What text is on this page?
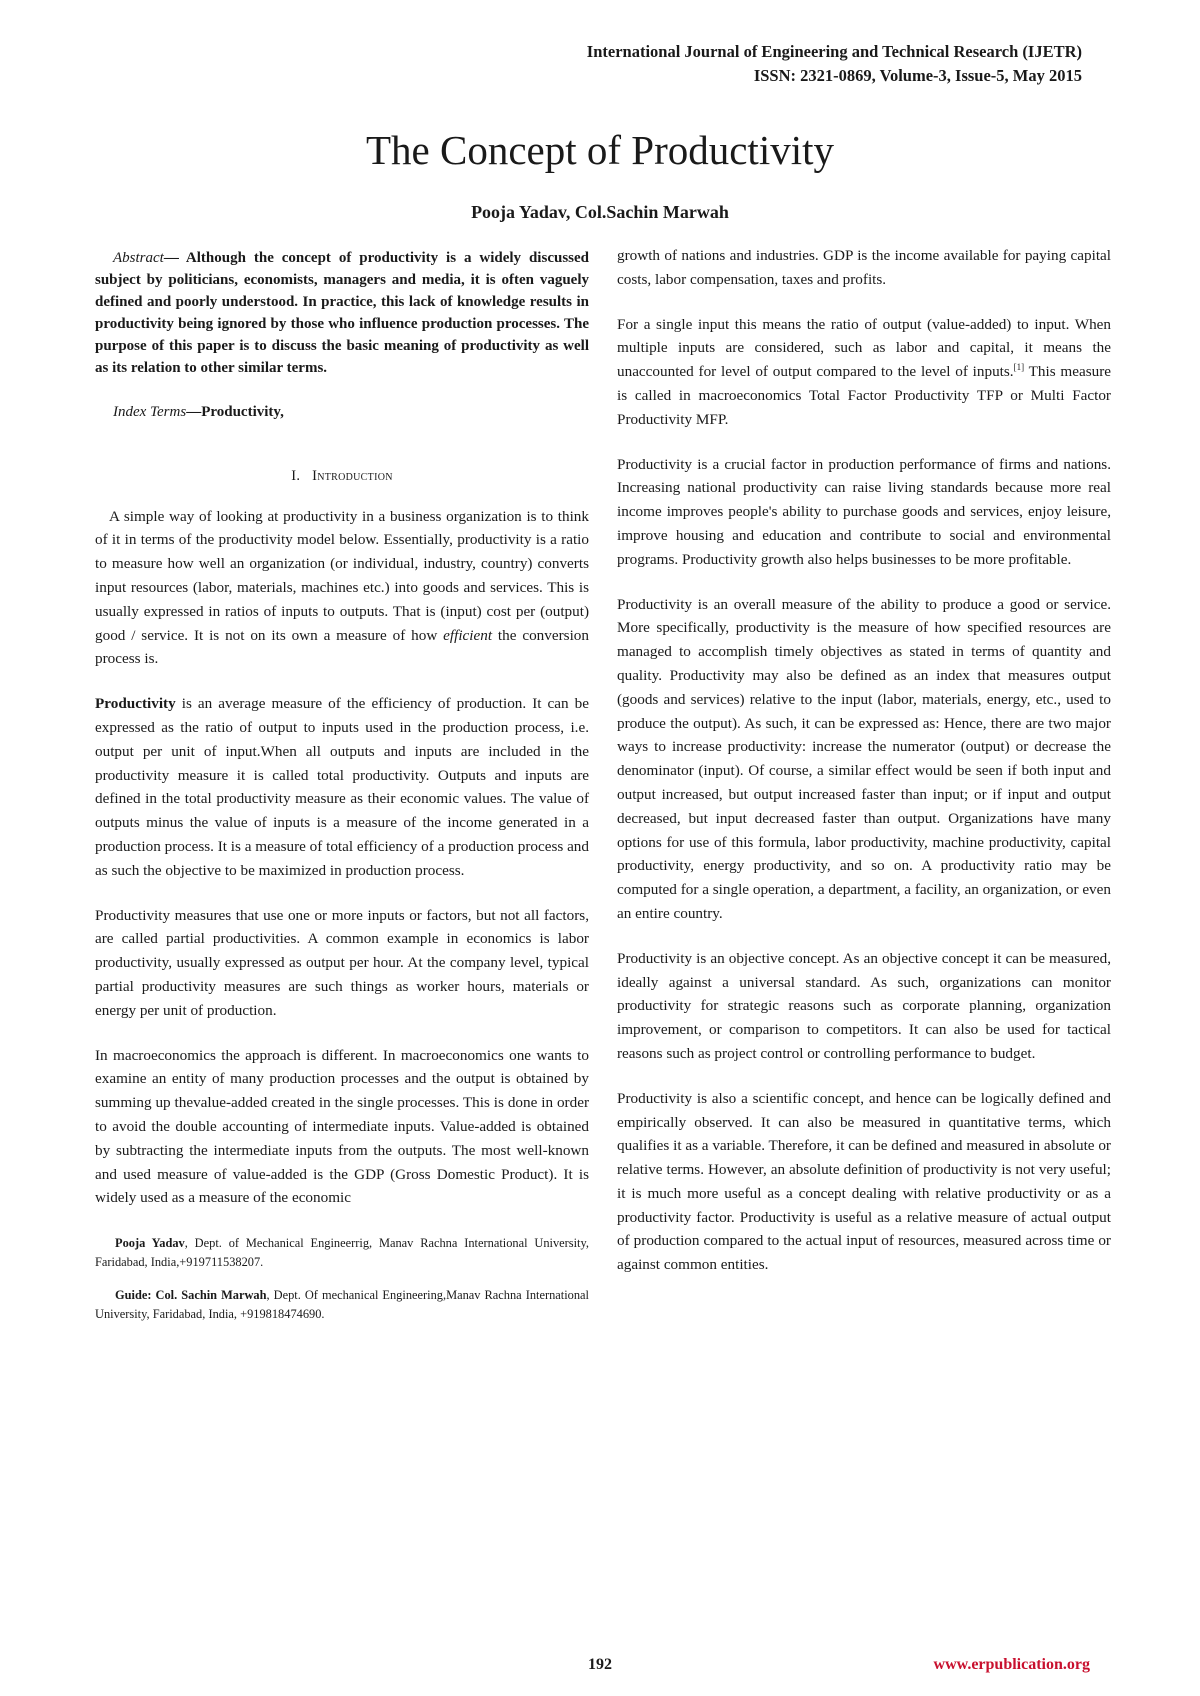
International Journal of Engineering and Technical Research (IJETR)
ISSN: 2321-0869, Volume-3, Issue-5, May 2015
The Concept of Productivity
Pooja Yadav, Col.Sachin Marwah

Abstract— Although the concept of productivity is a widely discussed subject by politicians, economists, managers and media, it is often vaguely defined and poorly understood. In practice, this lack of knowledge results in productivity being ignored by those who influence production processes. The purpose of this paper is to discuss the basic meaning of productivity as well as its relation to other similar terms.

Index Terms—Productivity,

I. Introduction

A simple way of looking at productivity in a business organization is to think of it in terms of the productivity model below. Essentially, productivity is a ratio to measure how well an organization (or individual, industry, country) converts input resources (labor, materials, machines etc.) into goods and services. This is usually expressed in ratios of inputs to outputs. That is (input) cost per (output) good / service. It is not on its own a measure of how efficient the conversion process is.

Productivity is an average measure of the efficiency of production. It can be expressed as the ratio of output to inputs used in the production process, i.e. output per unit of input.When all outputs and inputs are included in the productivity measure it is called total productivity. Outputs and inputs are defined in the total productivity measure as their economic values. The value of outputs minus the value of inputs is a measure of the income generated in a production process. It is a measure of total efficiency of a production process and as such the objective to be maximized in production process.

Productivity measures that use one or more inputs or factors, but not all factors, are called partial productivities. A common example in economics is labor productivity, usually expressed as output per hour. At the company level, typical partial productivity measures are such things as worker hours, materials or energy per unit of production.

In macroeconomics the approach is different. In macroeconomics one wants to examine an entity of many production processes and the output is obtained by summing up thevalue-added created in the single processes. This is done in order to avoid the double accounting of intermediate inputs. Value-added is obtained by subtracting the intermediate inputs from the outputs. The most well-known and used measure of value-added is the GDP (Gross Domestic Product). It is widely used as a measure of the economic

Pooja Yadav, Dept. of Mechanical Engineerrig, Manav Rachna International University, Faridabad, India,+919711538207.

Guide: Col. Sachin Marwah, Dept. Of mechanical Engineering,Manav Rachna International University, Faridabad, India, +919818474690.

growth of nations and industries. GDP is the income available for paying capital costs, labor compensation, taxes and profits.

For a single input this means the ratio of output (value-added) to input. When multiple inputs are considered, such as labor and capital, it means the unaccounted for level of output compared to the level of inputs.[1] This measure is called in macroeconomics Total Factor Productivity TFP or Multi Factor Productivity MFP.

Productivity is a crucial factor in production performance of firms and nations. Increasing national productivity can raise living standards because more real income improves people's ability to purchase goods and services, enjoy leisure, improve housing and education and contribute to social and environmental programs. Productivity growth also helps businesses to be more profitable.

Productivity is an overall measure of the ability to produce a good or service. More specifically, productivity is the measure of how specified resources are managed to accomplish timely objectives as stated in terms of quantity and quality. Productivity may also be defined as an index that measures output (goods and services) relative to the input (labor, materials, energy, etc., used to produce the output). As such, it can be expressed as: Hence, there are two major ways to increase productivity: increase the numerator (output) or decrease the denominator (input). Of course, a similar effect would be seen if both input and output increased, but output increased faster than input; or if input and output decreased, but input decreased faster than output. Organizations have many options for use of this formula, labor productivity, machine productivity, capital productivity, energy productivity, and so on. A productivity ratio may be computed for a single operation, a department, a facility, an organization, or even an entire country.

Productivity is an objective concept. As an objective concept it can be measured, ideally against a universal standard. As such, organizations can monitor productivity for strategic reasons such as corporate planning, organization improvement, or comparison to competitors. It can also be used for tactical reasons such as project control or controlling performance to budget.

Productivity is also a scientific concept, and hence can be logically defined and empirically observed. It can also be measured in quantitative terms, which qualifies it as a variable. Therefore, it can be defined and measured in absolute or relative terms. However, an absolute definition of productivity is not very useful; it is much more useful as a concept dealing with relative productivity or as a productivity factor. Productivity is useful as a relative measure of actual output of production compared to the actual input of resources, measured across time or against common entities.

192	www.erpublication.org
